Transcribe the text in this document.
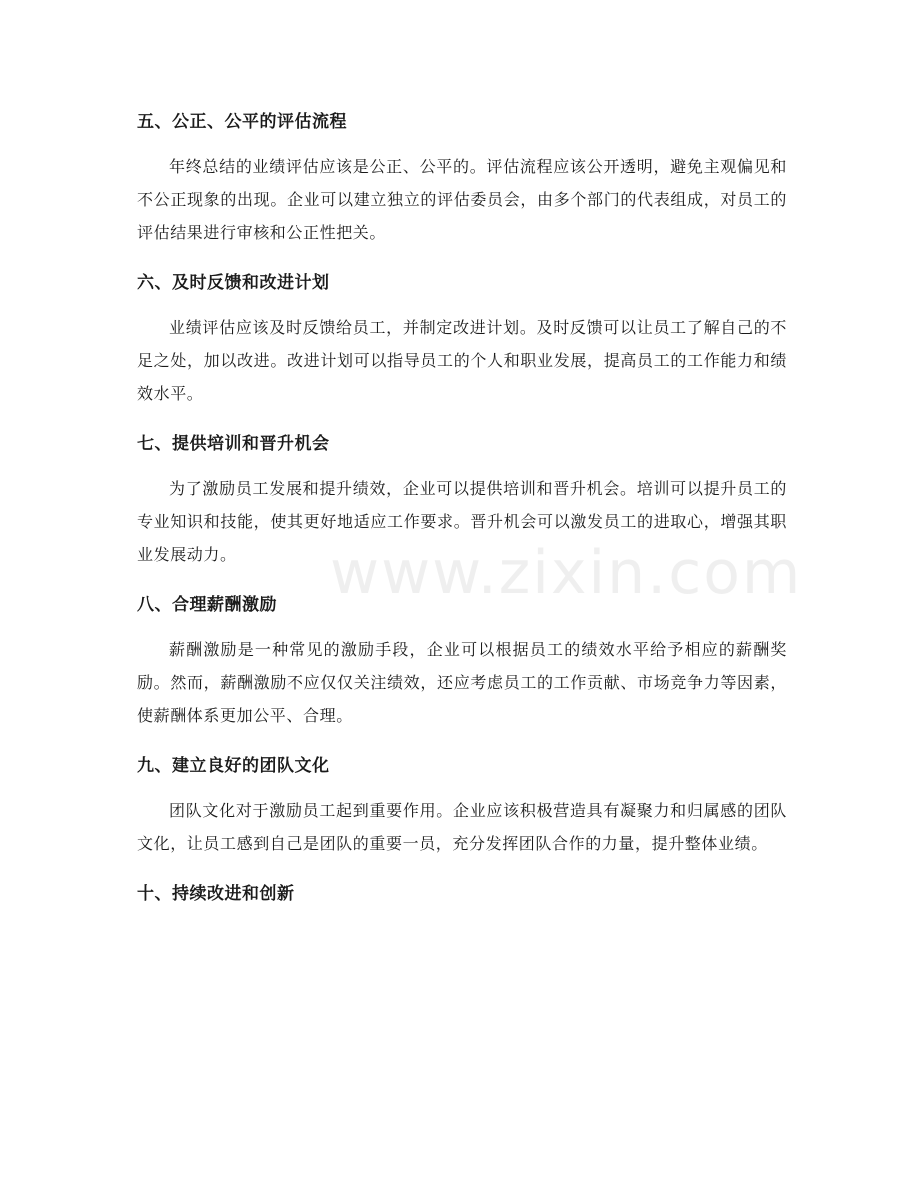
五、公正、公平的评估流程

年终总结的业绩评估应该是公正、公平的。评估流程应该公开透明，避免主观偏见和不公正现象的出现。企业可以建立独立的评估委员会，由多个部门的代表组成，对员工的评估结果进行审核和公正性把关。

六、及时反馈和改进计划

业绩评估应该及时反馈给员工，并制定改进计划。及时反馈可以让员工了解自己的不足之处，加以改进。改进计划可以指导员工的个人和职业发展，提高员工的工作能力和绩效水平。

七、提供培训和晋升机会

为了激励员工发展和提升绩效，企业可以提供培训和晋升机会。培训可以提升员工的专业知识和技能，使其更好地适应工作要求。晋升机会可以激发员工的进取心，增强其职业发展动力。

八、合理薪酬激励

薪酬激励是一种常见的激励手段，企业可以根据员工的绩效水平给予相应的薪酬奖励。然而，薪酬激励不应仅仅关注绩效，还应考虑员工的工作贡献、市场竞争力等因素，使薪酬体系更加公平、合理。

九、建立良好的团队文化

团队文化对于激励员工起到重要作用。企业应该积极营造具有凝聚力和归属感的团队文化，让员工感到自己是团队的重要一员，充分发挥团队合作的力量，提升整体业绩。

十、持续改进和创新
www.zixin.com
